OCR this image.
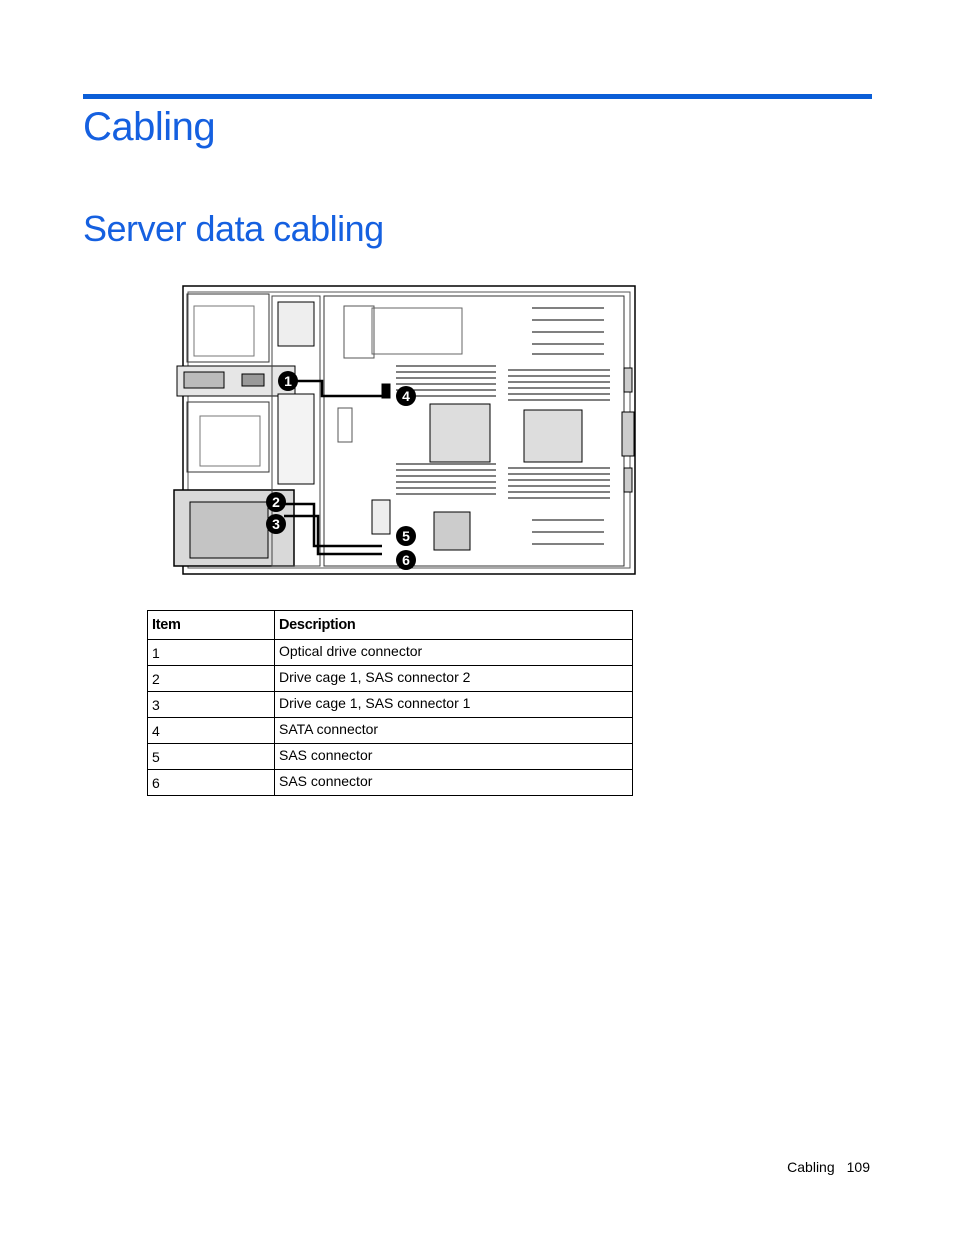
Cabling
Server data cabling
1
4
2
3
5
6
Item	Description
1	Optical drive connector
2	Drive cage 1, SAS connector 2
3	Drive cage 1, SAS connector 1
4	SATA connector
5	SAS connector
6	SAS connector
Cabling 109
